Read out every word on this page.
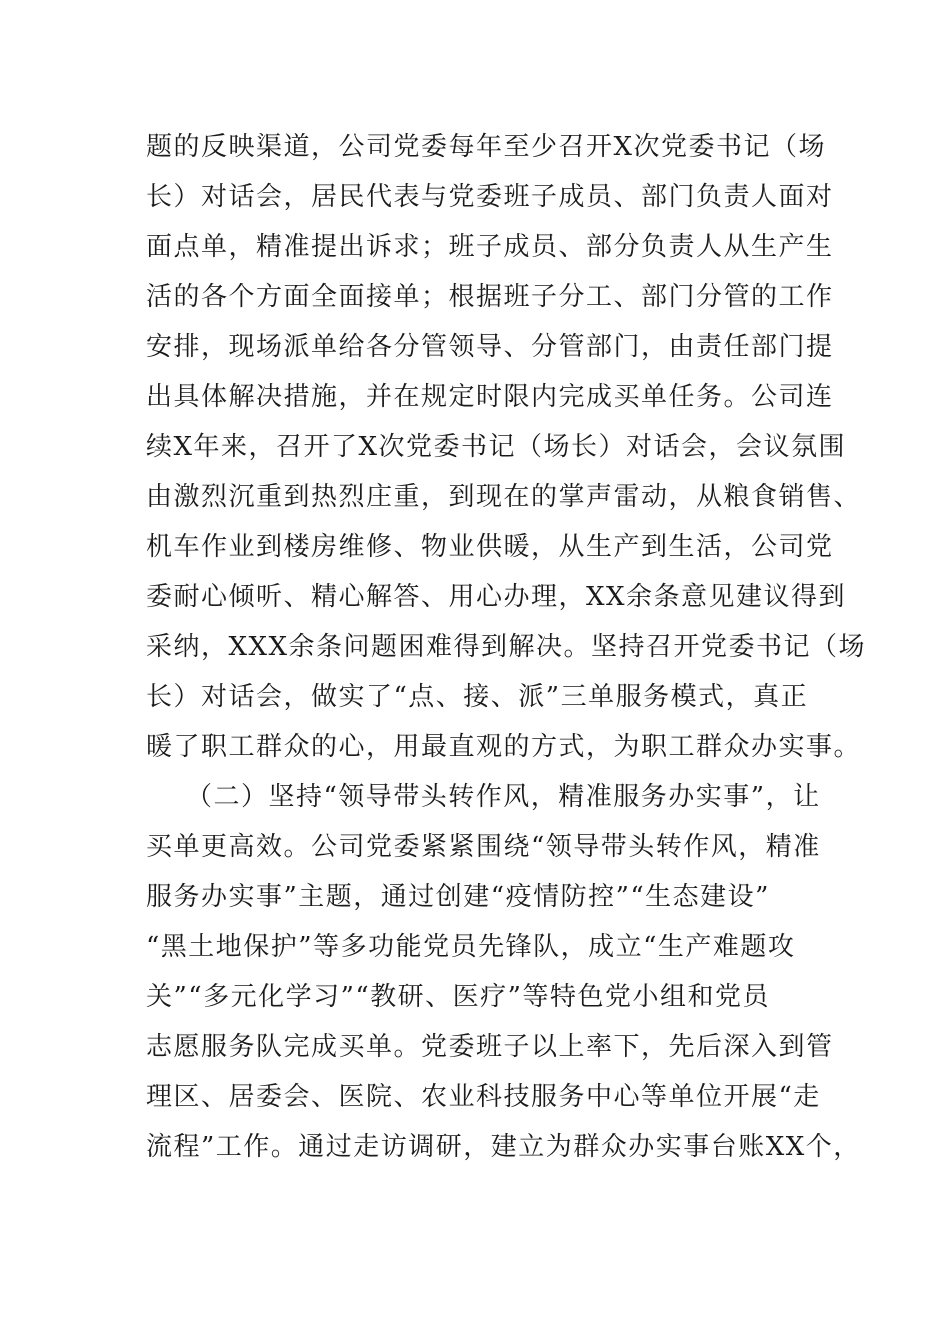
题的反映渠道，公司党委每年至少召开X次党委书记（场
长）对话会，居民代表与党委班子成员、部门负责人面对
面点单，精准提出诉求；班子成员、部分负责人从生产生
活的各个方面全面接单；根据班子分工、部门分管的工作
安排，现场派单给各分管领导、分管部门，由责任部门提
出具体解决措施，并在规定时限内完成买单任务。公司连
续X年来，召开了X次党委书记（场长）对话会，会议氛围
由激烈沉重到热烈庄重，到现在的掌声雷动，从粮食销售、
机车作业到楼房维修、物业供暖，从生产到生活，公司党
委耐心倾听、精心解答、用心办理，XX余条意见建议得到
采纳，XXX余条问题困难得到解决。坚持召开党委书记（场
长）对话会，做实了“点、接、派”三单服务模式，真正
暖了职工群众的心，用最直观的方式，为职工群众办实事。
（二）坚持“领导带头转作风，精准服务办实事”，让
买单更高效。公司党委紧紧围绕“领导带头转作风，精准
服务办实事”主题，通过创建“疫情防控”“生态建设”
“黑土地保护”等多功能党员先锋队，成立“生产难题攻
关”“多元化学习”“教研、医疗”等特色党小组和党员
志愿服务队完成买单。党委班子以上率下，先后深入到管
理区、居委会、医院、农业科技服务中心等单位开展“走
流程”工作。通过走访调研，建立为群众办实事台账XX个，
